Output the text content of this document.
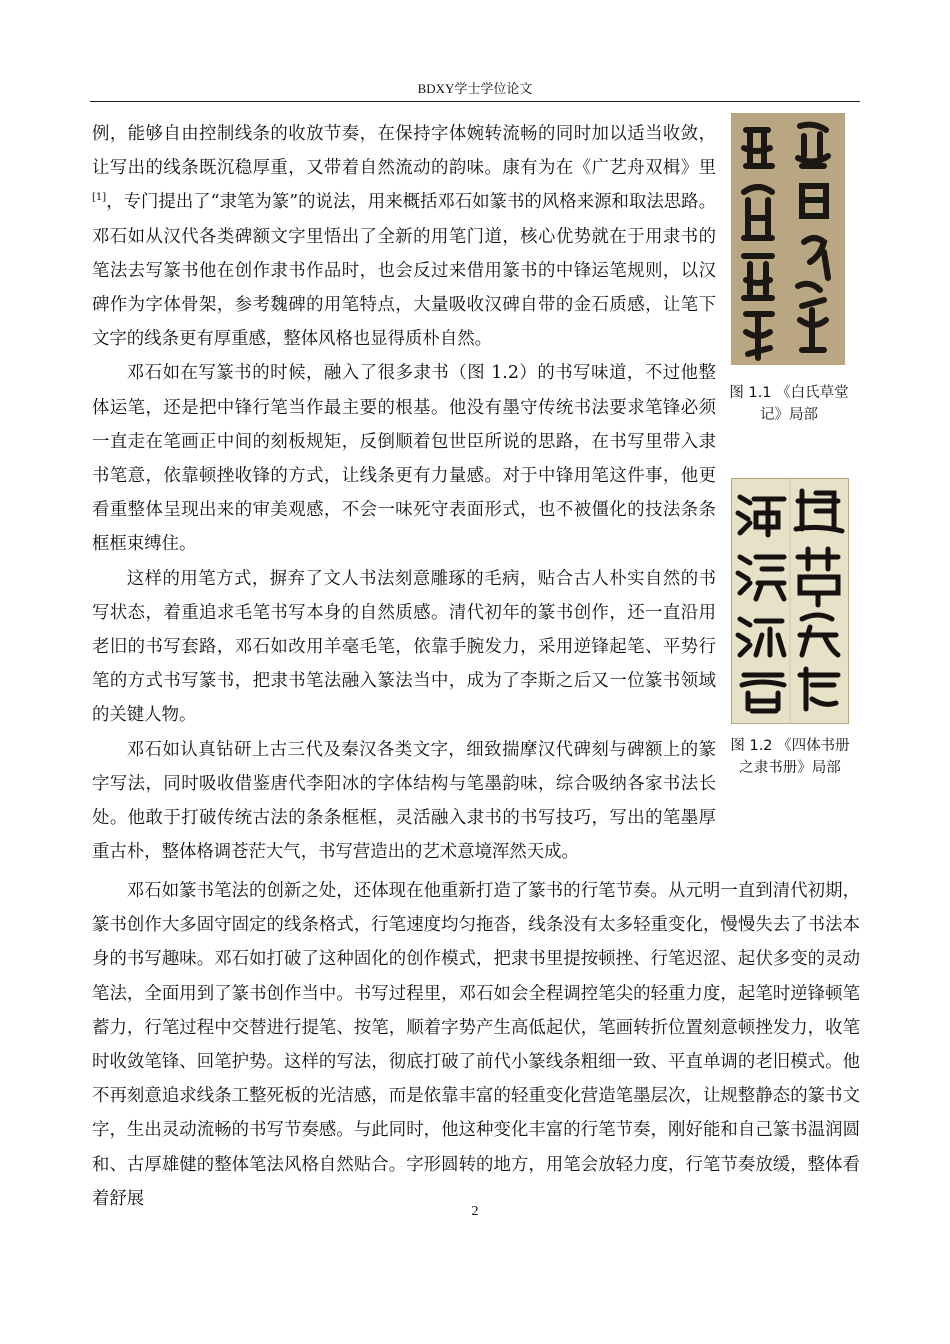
BDXY学士学位论文

例，能够自由控制线条的收放节奏，在保持字体婉转流畅的同时加以适当收敛，让写出的线条既沉稳厚重，又带着自然流动的韵味。康有为在《广艺舟双楫》里[1]，专门提出了“隶笔为篆”的说法，用来概括邓石如篆书的风格来源和取法思路。邓石如从汉代各类碑额文字里悟出了全新的用笔门道，核心优势就在于用隶书的笔法去写篆书他在创作隶书作品时，也会反过来借用篆书的中锋运笔规则，以汉碑作为字体骨架，参考魏碑的用笔特点，大量吸收汉碑自带的金石质感，让笔下文字的线条更有厚重感，整体风格也显得质朴自然。

邓石如在写篆书的时候，融入了很多隶书（图 1.2）的书写味道，不过他整体运笔，还是把中锋行笔当作最主要的根基。他没有墨守传统书法要求笔锋必须一直走在笔画正中间的刻板规矩，反倒顺着包世臣所说的思路，在书写里带入隶书笔意，依靠顿挫收锋的方式，让线条更有力量感。对于中锋用笔这件事，他更看重整体呈现出来的审美观感，不会一味死守表面形式，也不被僵化的技法条条框框束缚住。

这样的用笔方式，摒弃了文人书法刻意雕琢的毛病，贴合古人朴实自然的书写状态，着重追求毛笔书写本身的自然质感。清代初年的篆书创作，还一直沿用老旧的书写套路，邓石如改用羊毫毛笔，依靠手腕发力，采用逆锋起笔、平势行笔的方式书写篆书，把隶书笔法融入篆法当中，成为了李斯之后又一位篆书领域的关键人物。

邓石如认真钻研上古三代及秦汉各类文字，细致揣摩汉代碑刻与碑额上的篆字写法，同时吸收借鉴唐代李阳冰的字体结构与笔墨韵味，综合吸纳各家书法长处。他敢于打破传统古法的条条框框，灵活融入隶书的书写技巧，写出的笔墨厚重古朴，整体格调苍茫大气，书写营造出的艺术意境浑然天成。

邓石如篆书笔法的创新之处，还体现在他重新打造了篆书的行笔节奏。从元明一直到清代初期，篆书创作大多固守固定的线条格式，行笔速度均匀拖沓，线条没有太多轻重变化，慢慢失去了书法本身的书写趣味。邓石如打破了这种固化的创作模式，把隶书里提按顿挫、行笔迟涩、起伏多变的灵动笔法，全面用到了篆书创作当中。书写过程里，邓石如会全程调控笔尖的轻重力度，起笔时逆锋顿笔蓄力，行笔过程中交替进行提笔、按笔，顺着字势产生高低起伏，笔画转折位置刻意顿挫发力，收笔时收敛笔锋、回笔护势。这样的写法，彻底打破了前代小篆线条粗细一致、平直单调的老旧模式。他不再刻意追求线条工整死板的光洁感，而是依靠丰富的轻重变化营造笔墨层次，让规整静态的篆书文字，生出灵动流畅的书写节奏感。与此同时，他这种变化丰富的行笔节奏，刚好能和自己篆书温润圆和、古厚雄健的整体笔法风格自然贴合。字形圆转的地方，用笔会放轻力度，行笔节奏放缓，整体看着舒展

图 1.1 《白氏草堂记》局部
图 1.2 《四体书册之隶书册》局部
2
